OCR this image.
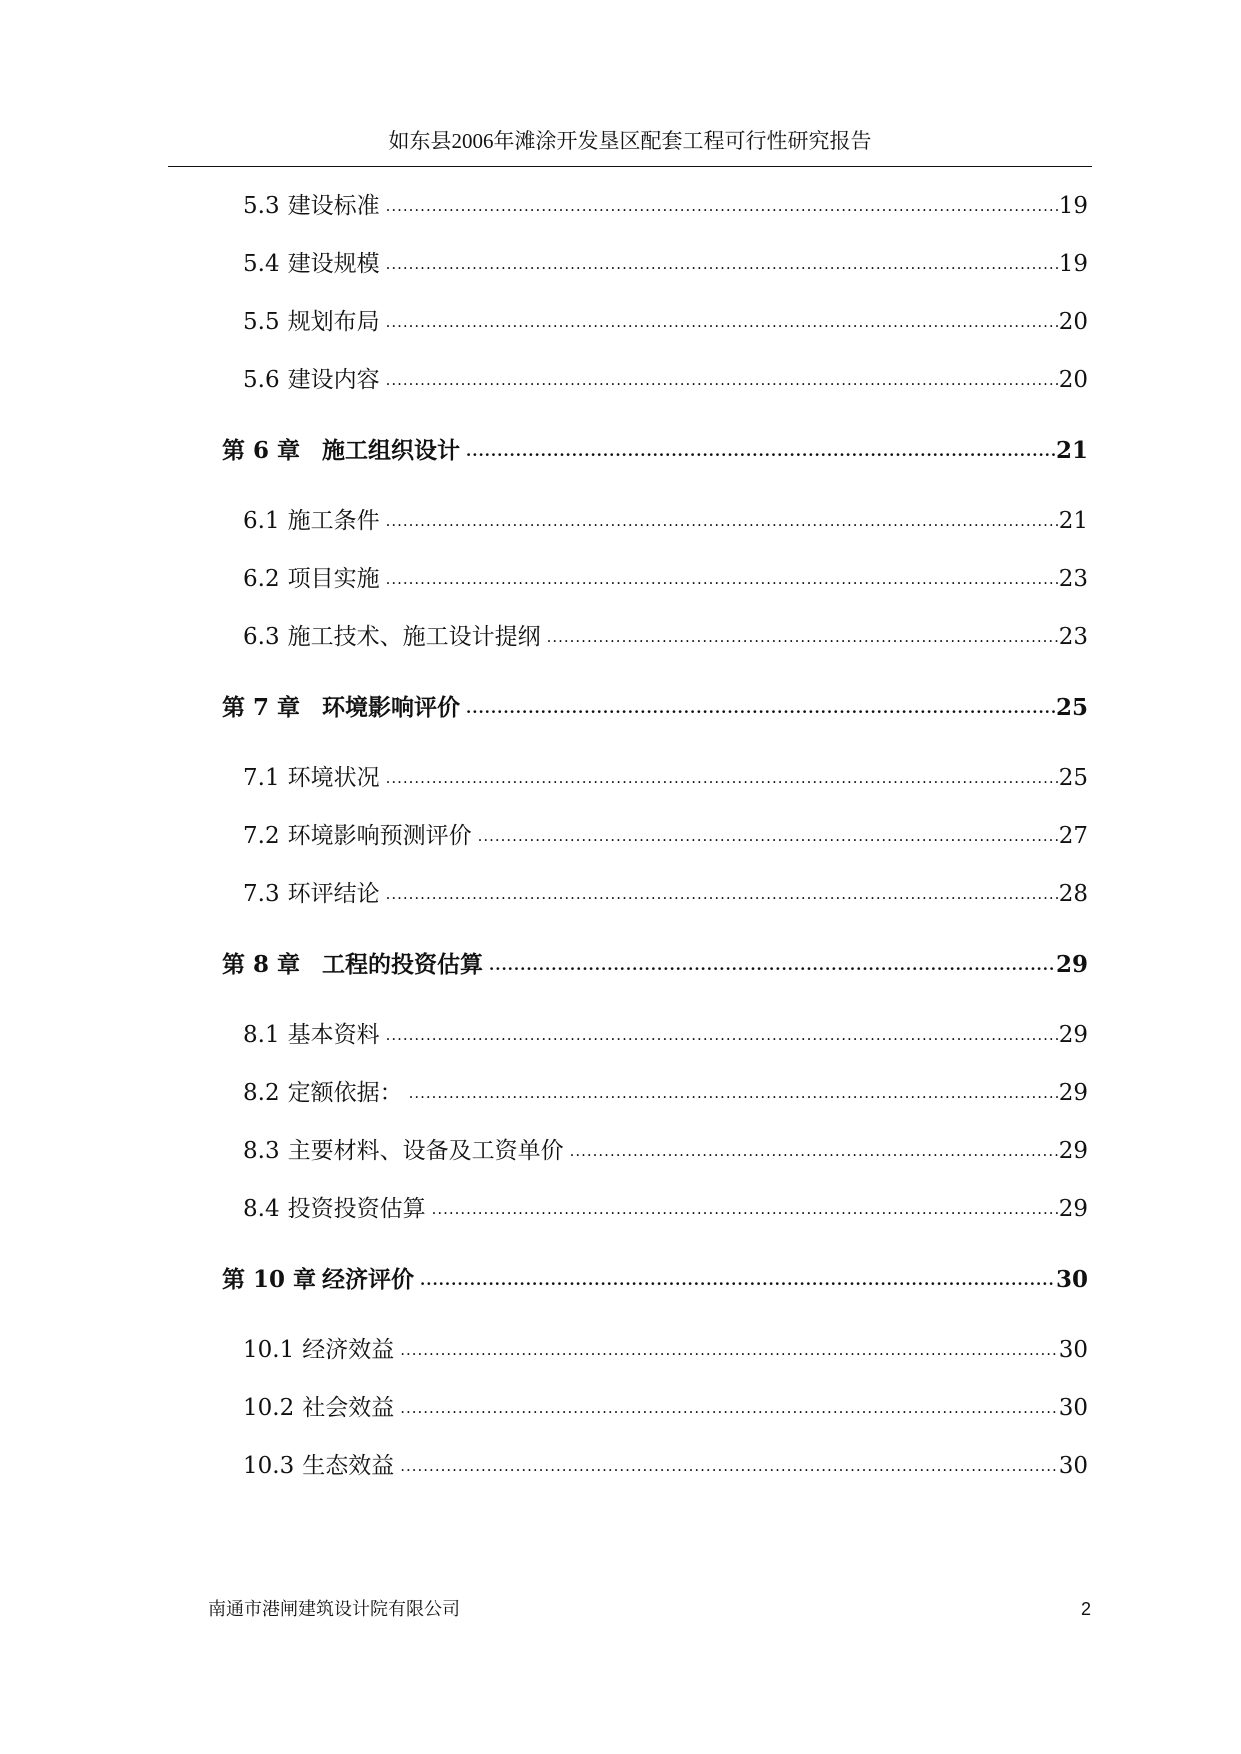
如东县2006年滩涂开发垦区配套工程可行性研究报告
5.3 建设标准 .....	19
5.4 建设规模 .....	19
5.5 规划布局 .....	20
5.6 建设内容 .....	20
第 6 章 施工组织设计 .....	21
6.1 施工条件 .....	21
6.2 项目实施 .....	23
6.3 施工技术、施工设计提纲 .....	23
第 7 章 环境影响评价 .....	25
7.1 环境状况 .....	25
7.2 环境影响预测评价 .....	27
7.3 环评结论 .....	28
第 8 章 工程的投资估算 .....	29
8.1 基本资料 .....	29
8.2 定额依据： .....	29
8.3 主要材料、设备及工资单价 .....	29
8.4 投资投资估算 .....	29
第 10 章 经济评价 .....	30
10.1 经济效益 .....	30
10.2 社会效益 .....	30
10.3 生态效益 .....	30
南通市港闸建筑设计院有限公司	2
